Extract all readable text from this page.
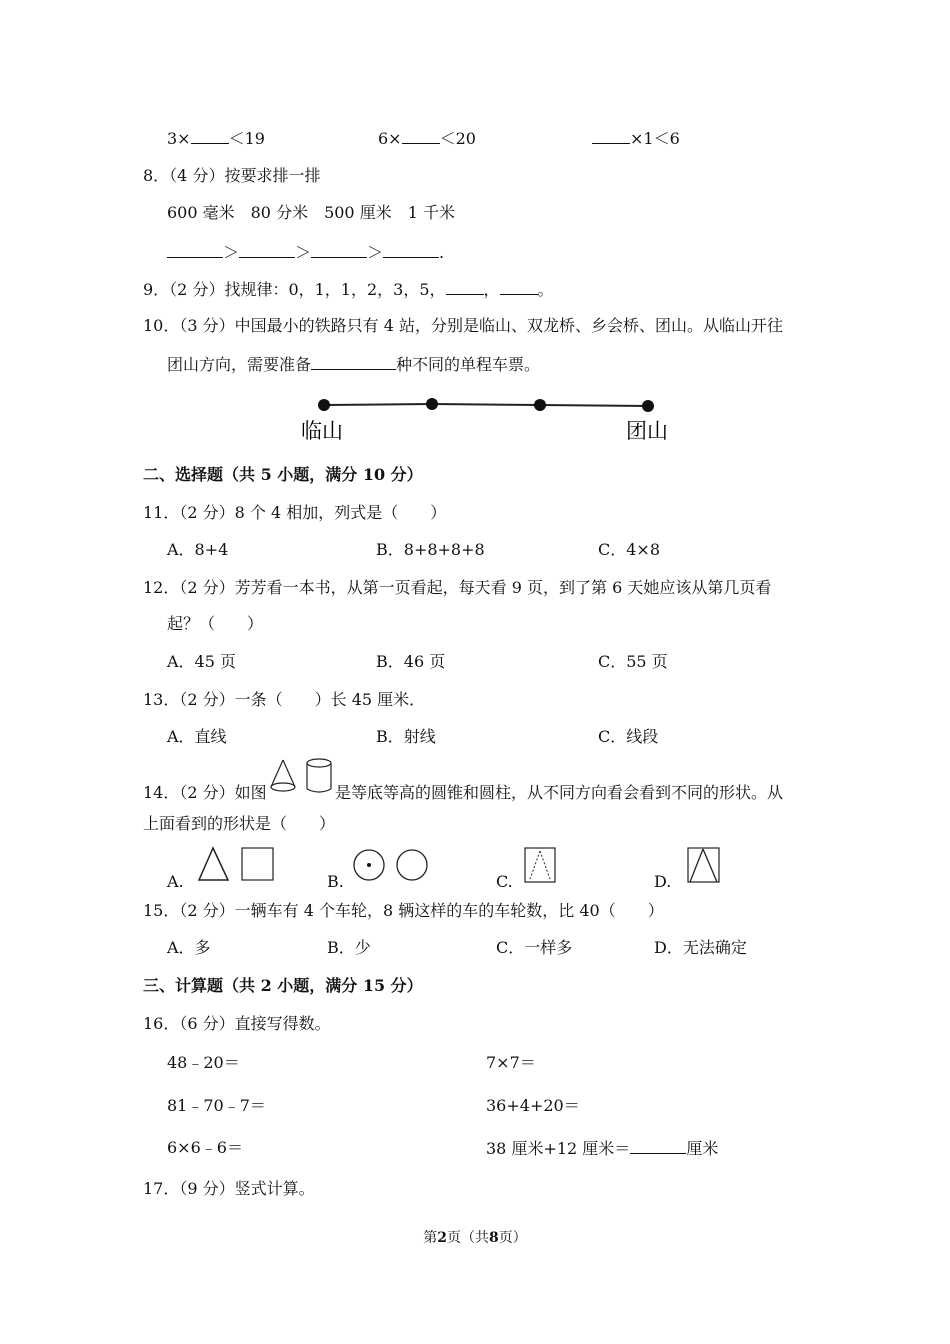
3× ＜19	6× ＜20	×1＜6
8．（4 分）按要求排一排
600 毫米　80 分米　500 厘米　1 千米
＞	＞	＞	.
9．（2 分）找规律：0，1，1，2，3，5， ， 。
10．（3 分）中国最小的铁路只有 4 站，分别是临山、双龙桥、乡会桥、团山。从临山开往
团山方向，需要准备	种不同的单程车票。
临山	团山
二、选择题（共 5 小题，满分 10 分）
11．（2 分）8 个 4 相加，列式是（　　）
A．8+4	B．8+8+8+8	C．4×8
12．（2 分）芳芳看一本书，从第一页看起，每天看 9 页，到了第 6 天她应该从第几页看
起？（　　）
A．45 页	B．46 页	C．55 页
13．（2 分）一条（　　）长 45 厘米．
A．直线	B．射线	C．线段
14．（2 分）如图	是等底等高的圆锥和圆柱，从不同方向看会看到不同的形状。从
上面看到的形状是（　　）
A.	B.	C.	D.
15．（2 分）一辆车有 4 个车轮，8 辆这样的车的车轮数，比 40（　　）
A．多	B．少	C．一样多	D．无法确定
三、计算题（共 2 小题，满分 15 分）
16．（6 分）直接写得数。
48﹣20＝	7×7＝
81﹣70﹣7＝	36+4+20＝
6×6﹣6＝	38 厘米+12 厘米＝	厘米
17．（9 分）竖式计算。
第2页（共8页）
